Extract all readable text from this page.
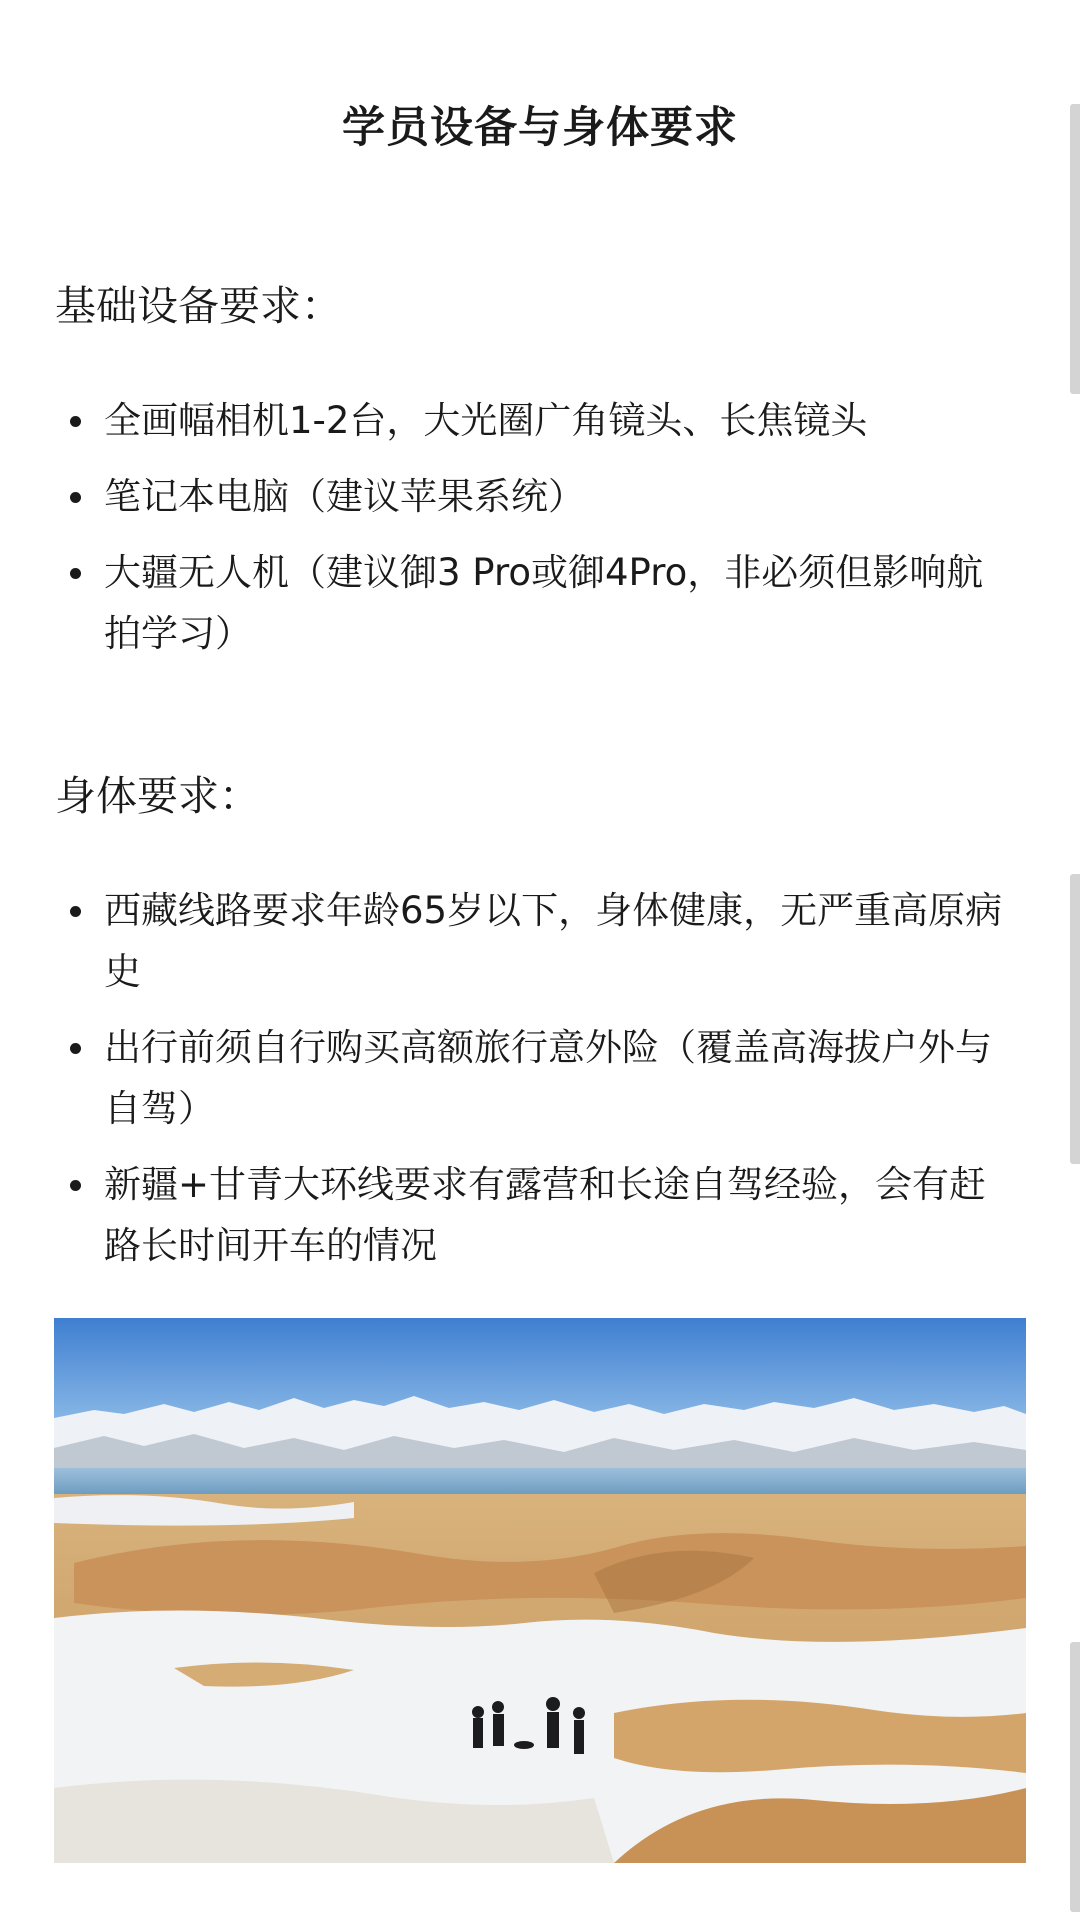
学员设备与身体要求
基础设备要求：
全画幅相机1-2台，大光圈广角镜头、长焦镜头
笔记本电脑（建议苹果系统）
大疆无人机（建议御3 Pro或御4Pro，非必须但影响航拍学习）
身体要求：
西藏线路要求年龄65岁以下，身体健康，无严重高原病史
出行前须自行购买高额旅行意外险（覆盖高海拔户外与自驾）
新疆+甘青大环线要求有露营和长途自驾经验，会有赶路长时间开车的情况
